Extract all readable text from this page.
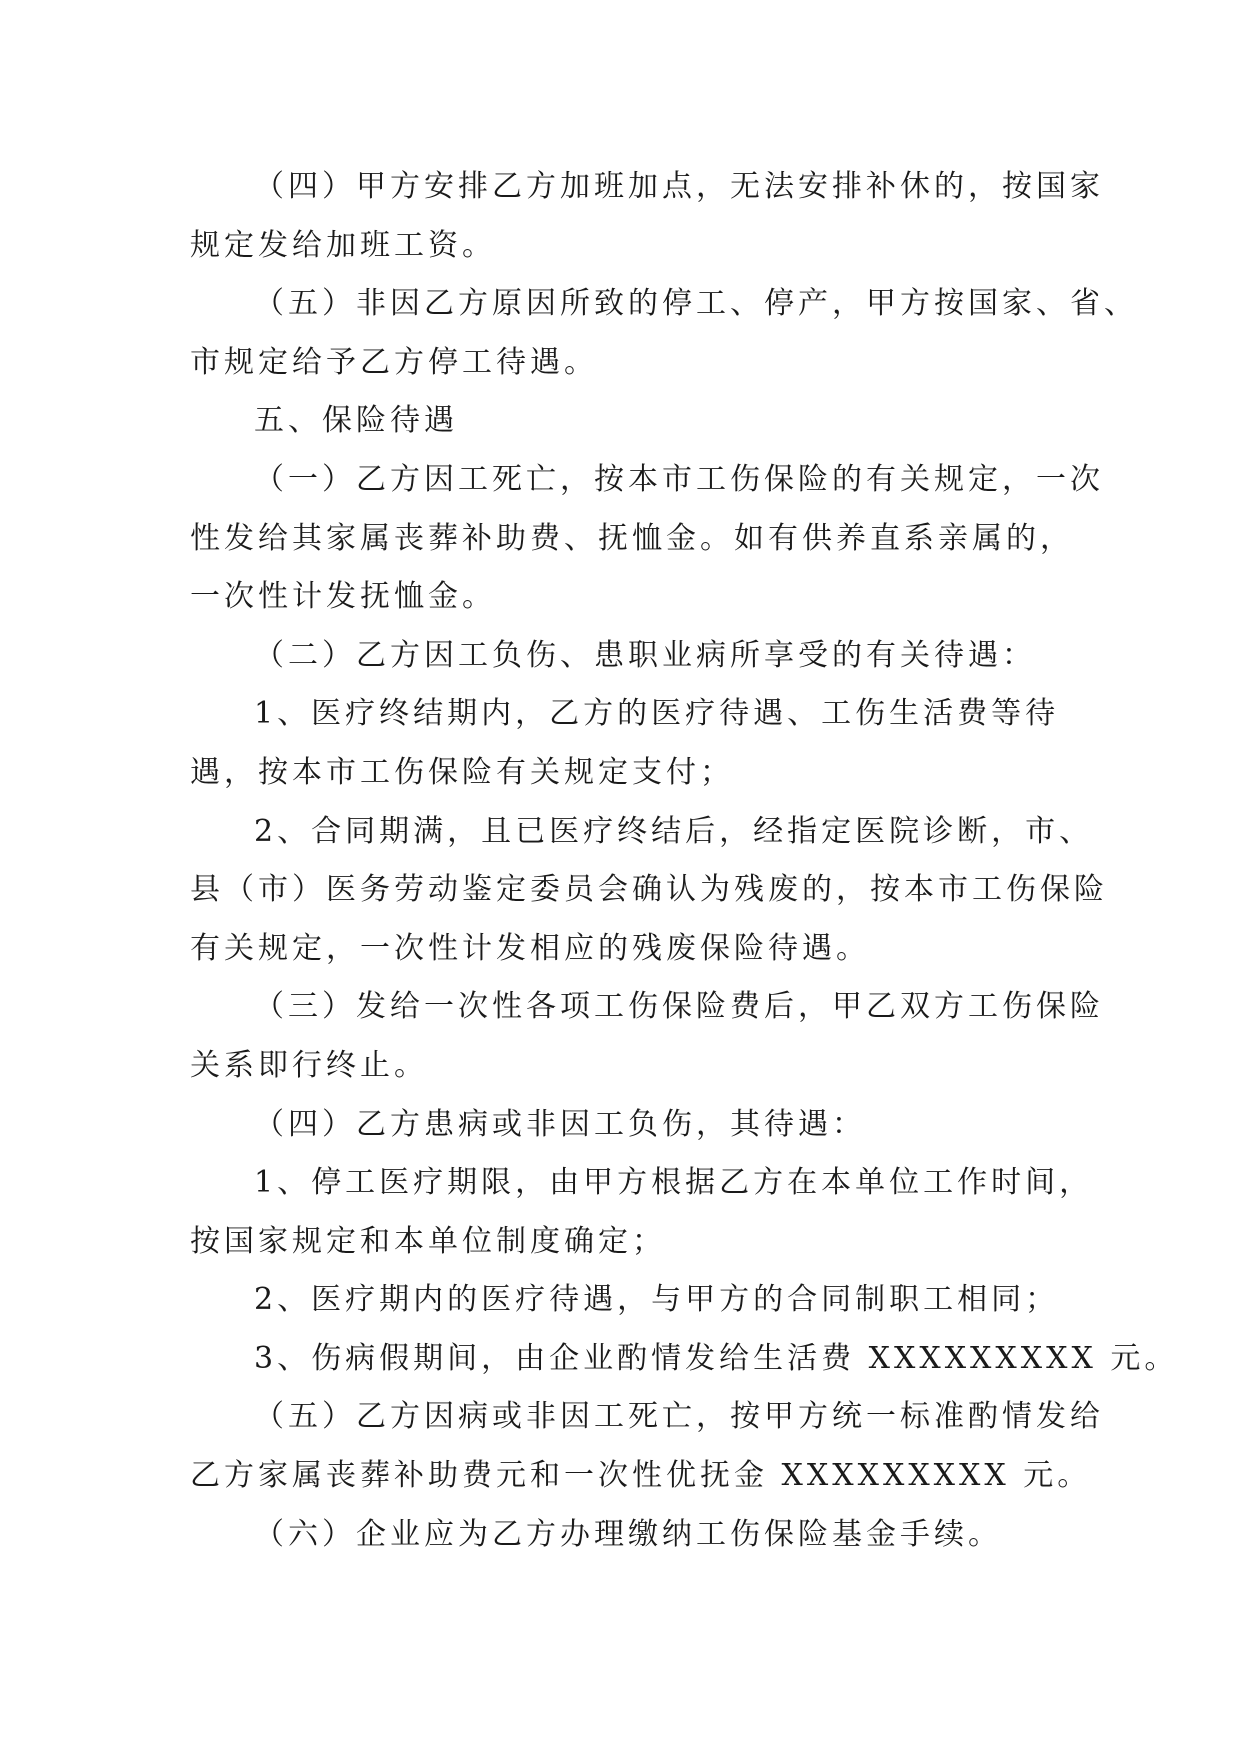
（四）甲方安排乙方加班加点，无法安排补休的，按国家
规定发给加班工资。
（五）非因乙方原因所致的停工、停产，甲方按国家、省、
市规定给予乙方停工待遇。
五、保险待遇
（一）乙方因工死亡，按本市工伤保险的有关规定，一次
性发给其家属丧葬补助费、抚恤金。如有供养直系亲属的，
一次性计发抚恤金。
（二）乙方因工负伤、患职业病所享受的有关待遇：
1、医疗终结期内，乙方的医疗待遇、工伤生活费等待
遇，按本市工伤保险有关规定支付；
2、合同期满，且已医疗终结后，经指定医院诊断，市、
县（市）医务劳动鉴定委员会确认为残废的，按本市工伤保险
有关规定，一次性计发相应的残废保险待遇。
（三）发给一次性各项工伤保险费后，甲乙双方工伤保险
关系即行终止。
（四）乙方患病或非因工负伤，其待遇：
1、停工医疗期限，由甲方根据乙方在本单位工作时间，
按国家规定和本单位制度确定；
2、医疗期内的医疗待遇，与甲方的合同制职工相同；
3、伤病假期间，由企业酌情发给生活费 XXXXXXXXX 元。
（五）乙方因病或非因工死亡，按甲方统一标准酌情发给
乙方家属丧葬补助费元和一次性优抚金 XXXXXXXXX 元。
（六）企业应为乙方办理缴纳工伤保险基金手续。
